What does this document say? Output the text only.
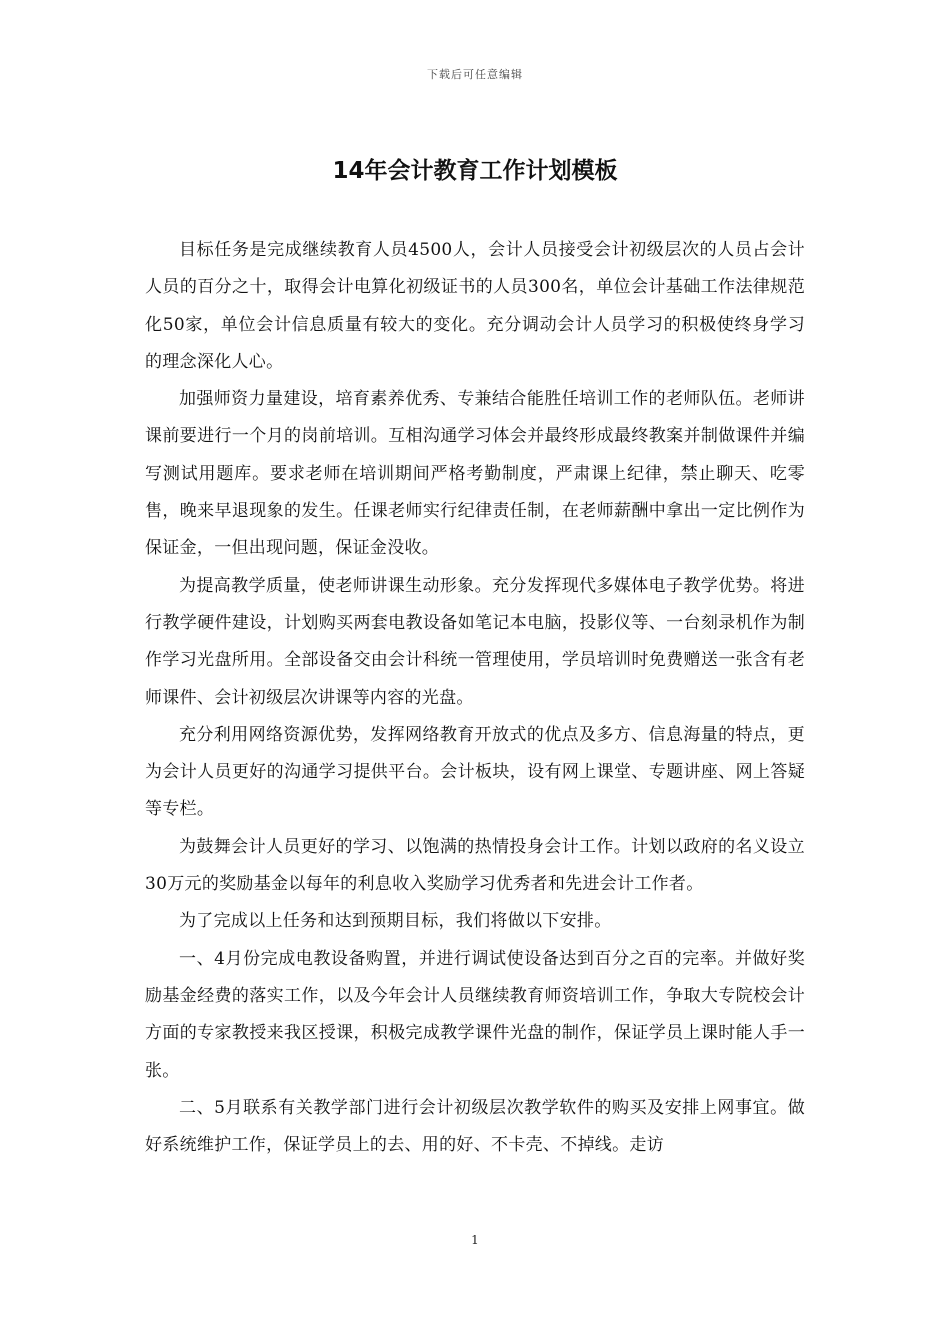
下载后可任意编辑
14年会计教育工作计划模板

目标任务是完成继续教育人员4500人，会计人员接受会计初级层次的人员占会计人员的百分之十，取得会计电算化初级证书的人员300名，单位会计基础工作法律规范化50家，单位会计信息质量有较大的变化。充分调动会计人员学习的积极使终身学习的理念深化人心。

加强师资力量建设，培育素养优秀、专兼结合能胜任培训工作的老师队伍。老师讲课前要进行一个月的岗前培训。互相沟通学习体会并最终形成最终教案并制做课件并编写测试用题库。要求老师在培训期间严格考勤制度，严肃课上纪律，禁止聊天、吃零售，晚来早退现象的发生。任课老师实行纪律责任制，在老师薪酬中拿出一定比例作为保证金，一但出现问题，保证金没收。

为提高教学质量，使老师讲课生动形象。充分发挥现代多媒体电子教学优势。将进行教学硬件建设，计划购买两套电教设备如笔记本电脑，投影仪等、一台刻录机作为制作学习光盘所用。全部设备交由会计科统一管理使用，学员培训时免费赠送一张含有老师课件、会计初级层次讲课等内容的光盘。

充分利用网络资源优势，发挥网络教育开放式的优点及多方、信息海量的特点，更为会计人员更好的沟通学习提供平台。会计板块，设有网上课堂、专题讲座、网上答疑等专栏。

为鼓舞会计人员更好的学习、以饱满的热情投身会计工作。计划以政府的名义设立30万元的奖励基金以每年的利息收入奖励学习优秀者和先进会计工作者。

为了完成以上任务和达到预期目标，我们将做以下安排。

一、4月份完成电教设备购置，并进行调试使设备达到百分之百的完率。并做好奖励基金经费的落实工作，以及今年会计人员继续教育师资培训工作，争取大专院校会计方面的专家教授来我区授课，积极完成教学课件光盘的制作，保证学员上课时能人手一张。

二、5月联系有关教学部门进行会计初级层次教学软件的购买及安排上网事宜。做好系统维护工作，保证学员上的去、用的好、不卡壳、不掉线。走访

1
